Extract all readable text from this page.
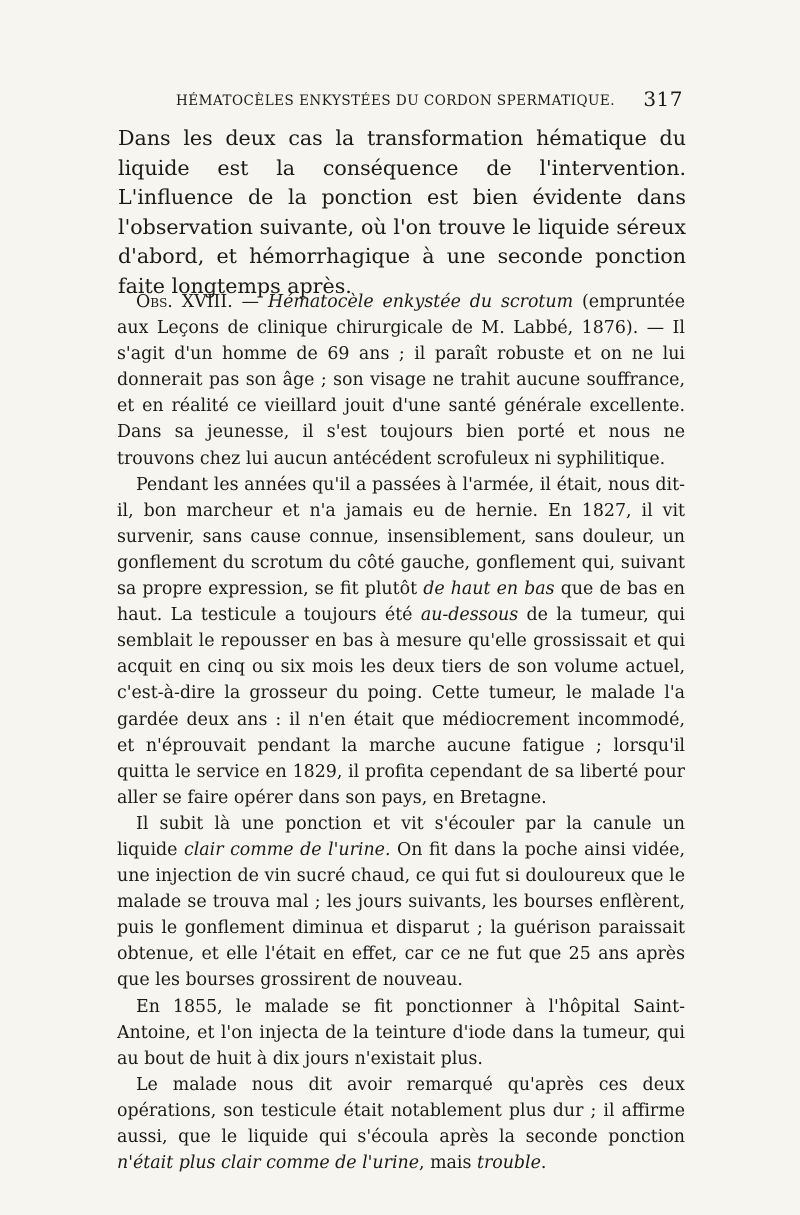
HÉMATOCÈLES ENKYSTÉES DU CORDON SPERMATIQUE. 317

Dans les deux cas la transformation hématique du liquide est la conséquence de l'intervention. L'influence de la ponction est bien évidente dans l'observation suivante, où l'on trouve le liquide séreux d'abord, et hémorrhagique à une seconde ponction faite longtemps après.

Obs. XVIII. — Hématocèle enkystée du scrotum (empruntée aux Leçons de clinique chirurgicale de M. Labbé, 1876). — Il s'agit d'un homme de 69 ans ; il paraît robuste et on ne lui donnerait pas son âge ; son visage ne trahit aucune souffrance, et en réalité ce vieillard jouit d'une santé générale excellente. Dans sa jeunesse, il s'est toujours bien porté et nous ne trouvons chez lui aucun antécédent scrofuleux ni syphilitique.

Pendant les années qu'il a passées à l'armée, il était, nous dit-il, bon marcheur et n'a jamais eu de hernie. En 1827, il vit survenir, sans cause connue, insensiblement, sans douleur, un gonflement du scrotum du côté gauche, gonflement qui, suivant sa propre expression, se fit plutôt de haut en bas que de bas en haut. La testicule a toujours été au-dessous de la tumeur, qui semblait le repousser en bas à mesure qu'elle grossissait et qui acquit en cinq ou six mois les deux tiers de son volume actuel, c'est-à-dire la grosseur du poing. Cette tumeur, le malade l'a gardée deux ans : il n'en était que médiocrement incommodé, et n'éprouvait pendant la marche aucune fatigue ; lorsqu'il quitta le service en 1829, il profita cependant de sa liberté pour aller se faire opérer dans son pays, en Bretagne.

Il subit là une ponction et vit s'écouler par la canule un liquide clair comme de l'urine. On fit dans la poche ainsi vidée, une injection de vin sucré chaud, ce qui fut si douloureux que le malade se trouva mal ; les jours suivants, les bourses enflèrent, puis le gonflement diminua et disparut ; la guérison paraissait obtenue, et elle l'était en effet, car ce ne fut que 25 ans après que les bourses grossirent de nouveau.

En 1855, le malade se fit ponctionner à l'hôpital Saint-Antoine, et l'on injecta de la teinture d'iode dans la tumeur, qui au bout de huit à dix jours n'existait plus.

Le malade nous dit avoir remarqué qu'après ces deux opérations, son testicule était notablement plus dur ; il affirme aussi, que le liquide qui s'écoula après la seconde ponction n'était plus clair comme de l'urine, mais trouble.
